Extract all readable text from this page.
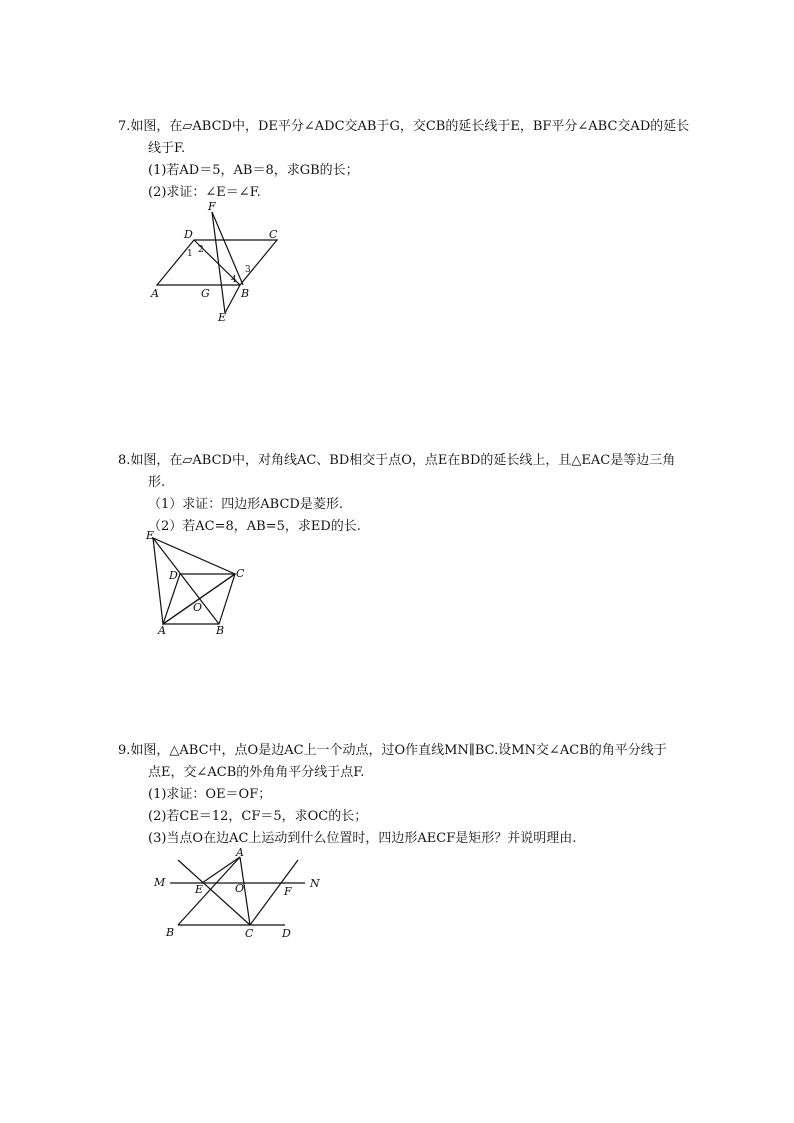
7.如图，在▱ABCD中，DE平分∠ADC交AB于G，交CB的延长线于E，BF平分∠ABC交AD的延长

线于F.

(1)若AD＝5，AB＝8，求GB的长；

(2)求证：∠E＝∠F.

F
D	C
A	G	B
E
1 2
3
4

8.如图，在▱ABCD中，对角线AC、BD相交于点O，点E在BD的延长线上，且△EAC是等边三角

形.

（1）求证：四边形ABCD是菱形.

（2）若AC=8，AB=5，求ED的长.

E
D	C
O
A	B

9.如图，△ABC中，点O是边AC上一个动点，过O作直线MN∥BC.设MN交∠ACB的角平分线于

点E，交∠ACB的外角角平分线于点F.

(1)求证：OE＝OF；

(2)若CE＝12，CF＝5，求OC的长；

(3)当点O在边AC上运动到什么位置时，四边形AECF是矩形？并说明理由.

A
M
E	O	F
N
B	C	D
